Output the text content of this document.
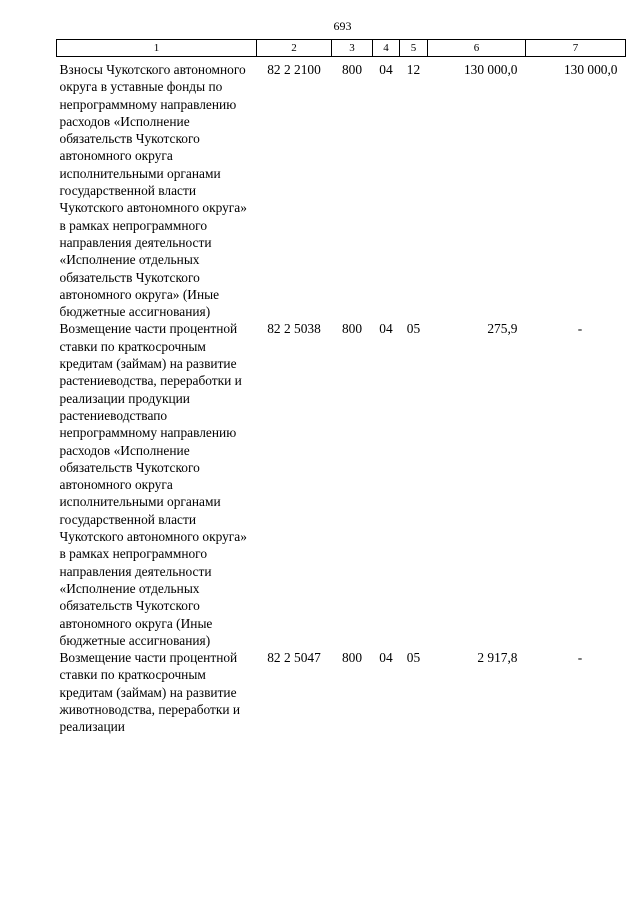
693
1	2	3	4	5	6	7
Взносы Чукотского автономного округа в уставные фонды по непрограммному направлению расходов «Исполнение обязательств Чукотского автономного округа исполнительными органами государственной власти Чукотского автономного округа» в рамках непрограммного направления деятельности «Исполнение отдельных обязательств Чукотского автономного округа» (Иные бюджетные ассигнования)	82 2 2100	800	04	12	130 000,0	130 000,0
Возмещение части процентной ставки по краткосрочным кредитам (займам) на развитие растениеводства, переработки и реализации продукции растениеводствапо непрограммному направлению расходов «Исполнение обязательств Чукотского автономного округа исполнительными органами государственной власти Чукотского автономного округа» в рамках непрограммного направления деятельности «Исполнение отдельных обязательств Чукотского автономного округа (Иные бюджетные ассигнования)	82 2 5038	800	04	05	275,9	-
Возмещение части процентной ставки по краткосрочным кредитам (займам) на развитие животноводства, переработки и реализации	82 2 5047	800	04	05	2 917,8	-
